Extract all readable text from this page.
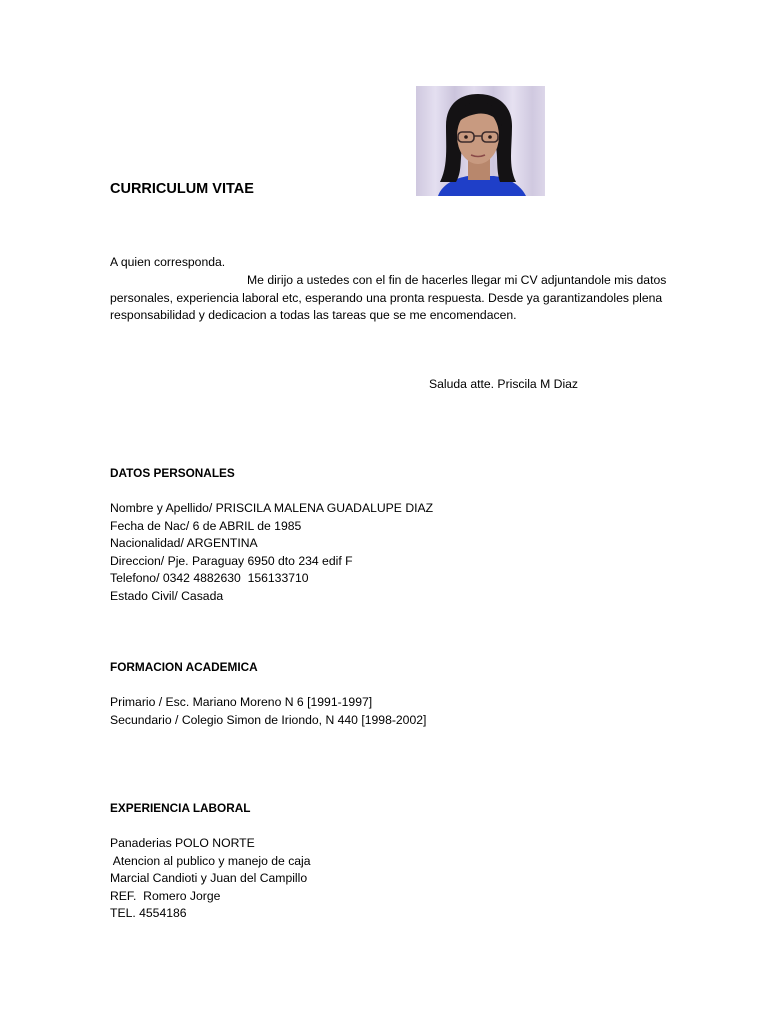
CURRICULUM VITAE
A quien corresponda.
Me dirijo a ustedes con el fin de hacerles llegar mi CV adjuntandole mis datos personales, experiencia laboral etc, esperando una pronta respuesta. Desde ya garantizandoles plena responsabilidad y dedicacion a todas las tareas que se me encomendacen.
Saluda atte. Priscila M Diaz
DATOS PERSONALES
Nombre y Apellido/ PRISCILA MALENA GUADALUPE DIAZ
Fecha de Nac/ 6 de ABRIL de 1985
Nacionalidad/ ARGENTINA
Direccion/ Pje. Paraguay 6950 dto 234 edif F
Telefono/ 0342 4882630  156133710
Estado Civil/ Casada
FORMACION ACADEMICA
Primario / Esc. Mariano Moreno N 6 [1991-1997]
Secundario / Colegio Simon de Iriondo, N 440 [1998-2002]
EXPERIENCIA LABORAL
Panaderias POLO NORTE
Atencion al publico y manejo de caja
Marcial Candioti y Juan del Campillo
REF.  Romero Jorge
TEL. 4554186
